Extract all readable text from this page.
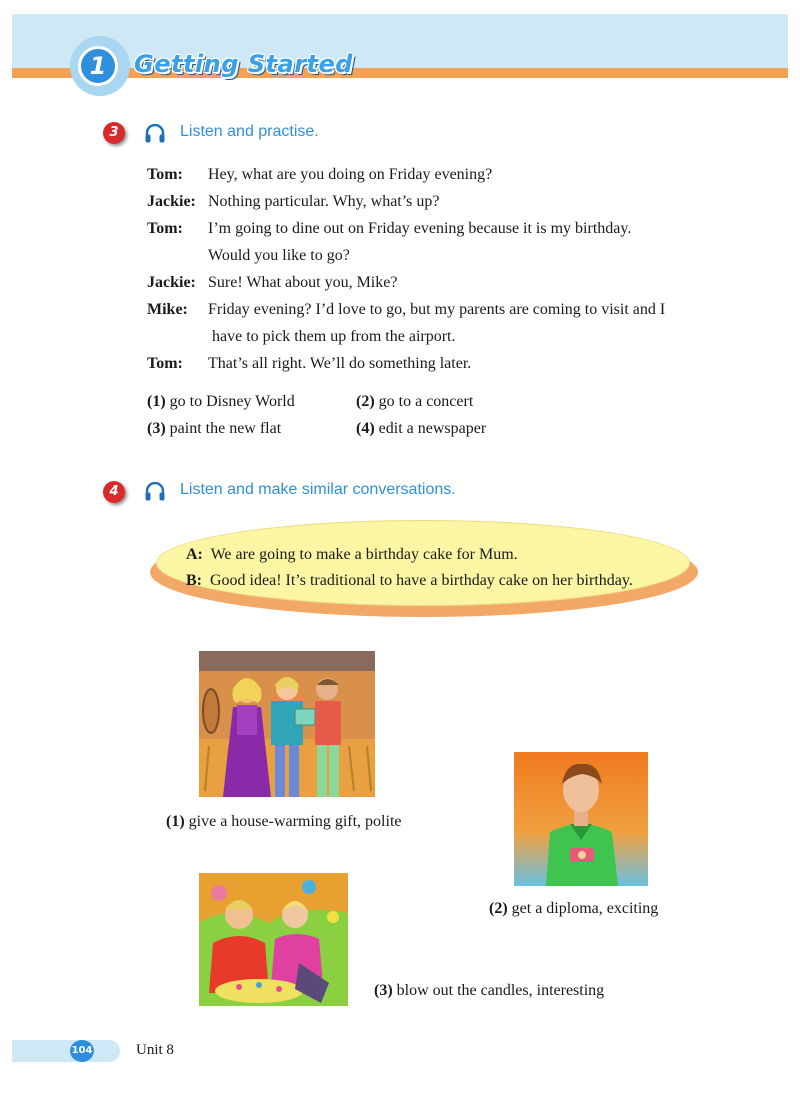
1	Getting Started
3	Listen and practise.
Tom: Hey, what are you doing on Friday evening?
Jackie: Nothing particular. Why, what’s up?
Tom: I’m going to dine out on Friday evening because it is my birthday.
Would you like to go?
Jackie: Sure! What about you, Mike?
Mike: Friday evening? I’d love to go, but my parents are coming to visit and I
have to pick them up from the airport.
Tom: That’s all right. We’ll do something later.
(1) go to Disney World	(2) go to a concert
(3) paint the new flat	(4) edit a newspaper
4	Listen and make similar conversations.
A: We are going to make a birthday cake for Mum.
B: Good idea! It’s traditional to have a birthday cake on her birthday.
(1) give a house-warming gift, polite
(2) get a diploma, exciting
(3) blow out the candles, interesting
104	Unit 8
